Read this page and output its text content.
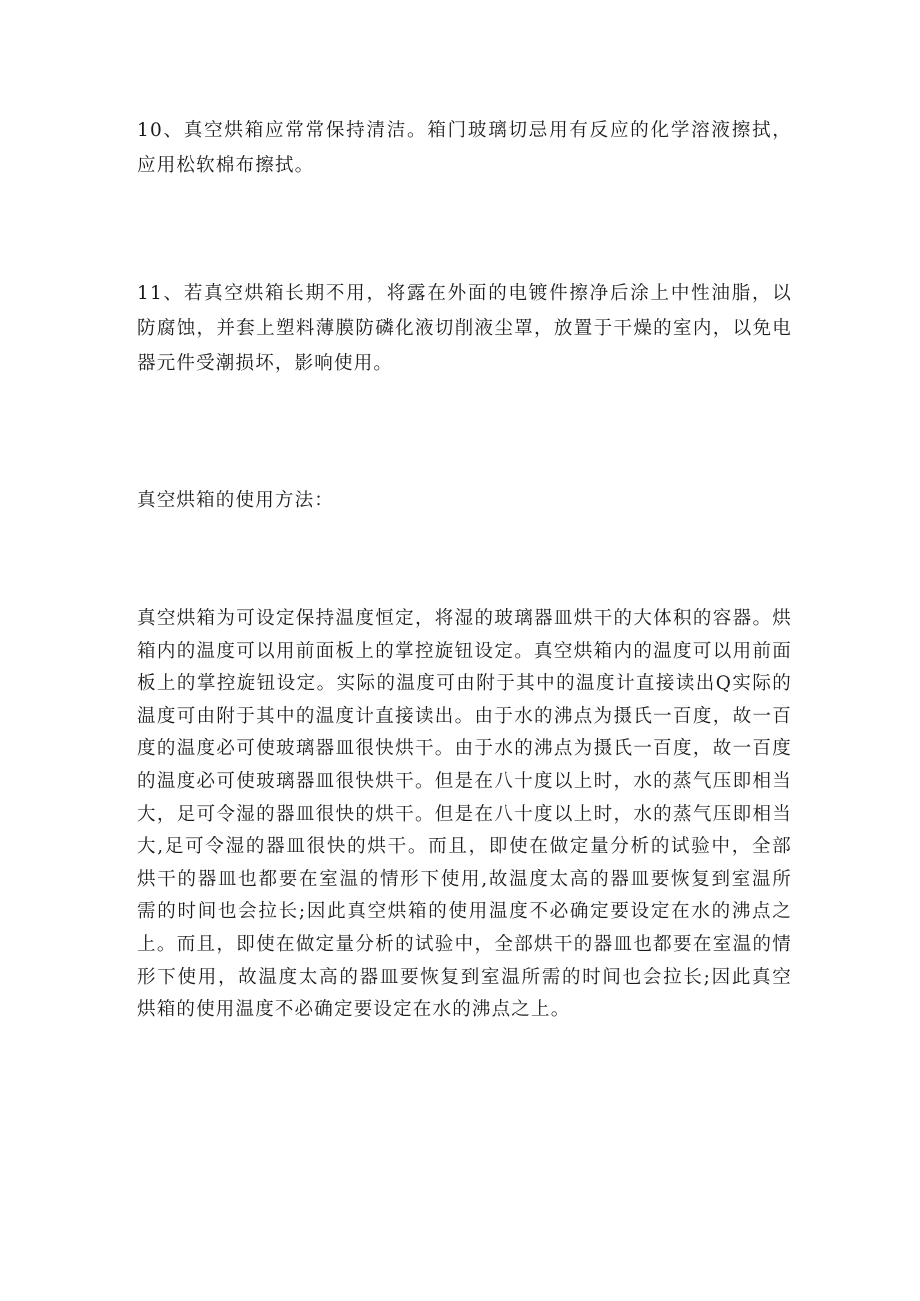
10、真空烘箱应常常保持清洁。箱门玻璃切忌用有反应的化学溶液擦拭，应用松软棉布擦拭。

11、若真空烘箱长期不用，将露在外面的电镀件擦净后涂上中性油脂，以防腐蚀，并套上塑料薄膜防磷化液切削液尘罩，放置于干燥的室内，以免电器元件受潮损坏，影响使用。

真空烘箱的使用方法：

真空烘箱为可设定保持温度恒定，将湿的玻璃器皿烘干的大体积的容器。烘箱内的温度可以用前面板上的掌控旋钮设定。真空烘箱内的温度可以用前面板上的掌控旋钮设定。实际的温度可由附于其中的温度计直接读出Q实际的温度可由附于其中的温度计直接读出。由于水的沸点为摄氏一百度，故一百度的温度必可使玻璃器皿很快烘干。由于水的沸点为摄氏一百度，故一百度的温度必可使玻璃器皿很快烘干。但是在八十度以上时，水的蒸气压即相当大，足可令湿的器皿很快的烘干。但是在八十度以上时，水的蒸气压即相当大,足可令湿的器皿很快的烘干。而且，即使在做定量分析的试验中，全部烘干的器皿也都要在室温的情形下使用,故温度太高的器皿要恢复到室温所需的时间也会拉长;因此真空烘箱的使用温度不必确定要设定在水的沸点之上。而且，即使在做定量分析的试验中，全部烘干的器皿也都要在室温的情形下使用，故温度太高的器皿要恢复到室温所需的时间也会拉长;因此真空烘箱的使用温度不必确定要设定在水的沸点之上。
